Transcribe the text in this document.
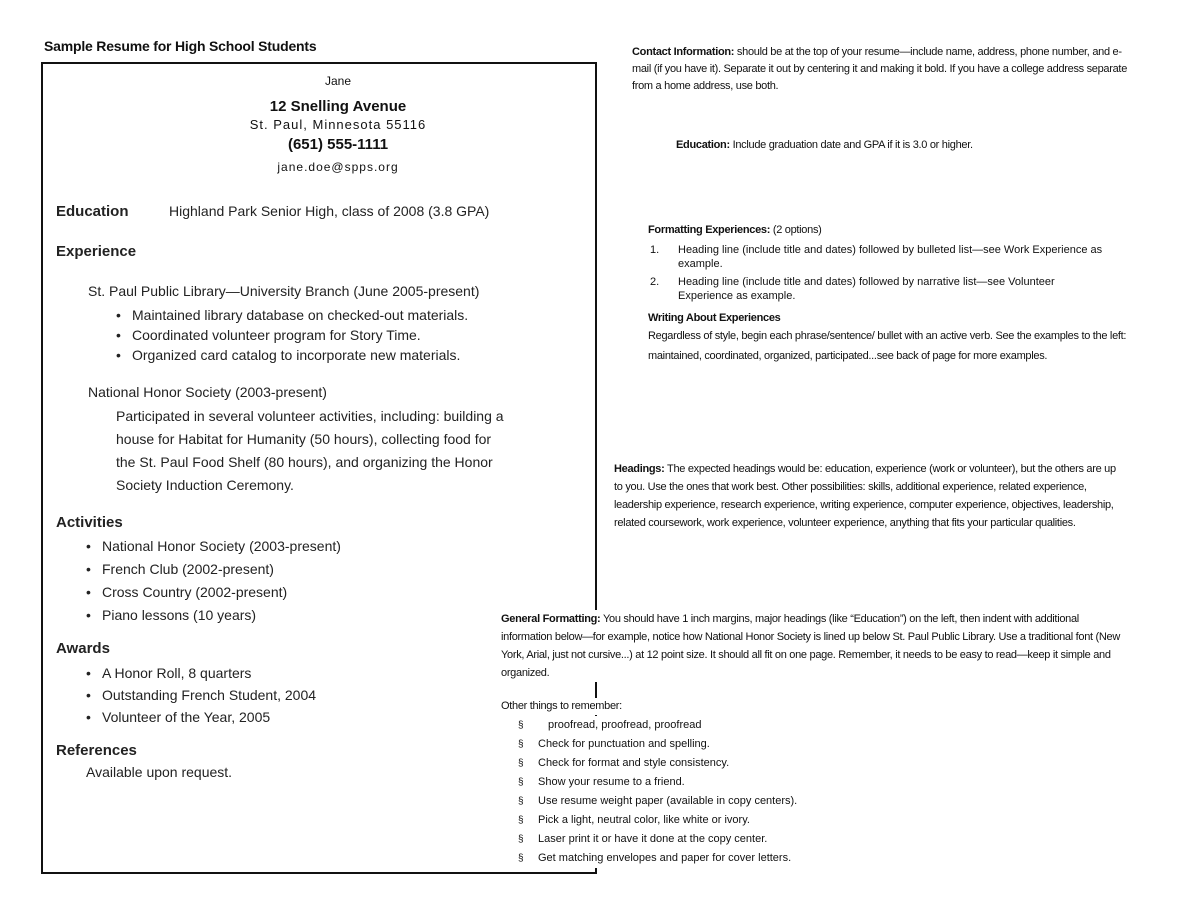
Sample Resume for High School Students
Jane
12 Snelling Avenue
St. Paul, Minnesota 55116
(651) 555-1111
jane.doe@spps.org
Education	Highland Park Senior High, class of 2008 (3.8 GPA)
Experience
St. Paul Public Library—University Branch (June 2005-present)
• Maintained library database on checked-out materials.
• Coordinated volunteer program for Story Time.
• Organized card catalog to incorporate new materials.
National Honor Society (2003-present)
Participated in several volunteer activities, including: building a
house for Habitat for Humanity (50 hours), collecting food for
the St. Paul Food Shelf (80 hours), and organizing the Honor
Society Induction Ceremony.
Activities
• National Honor Society (2003-present)
• French Club (2002-present)
• Cross Country (2002-present)
• Piano lessons (10 years)
Awards
• A Honor Roll, 8 quarters
• Outstanding French Student, 2004
• Volunteer of the Year, 2005
References
Available upon request.
Contact Information: should be at the top of your resume—include name, address, phone number, and e-mail (if you have it). Separate it out by centering it and making it bold. If you have a college address separate from a home address, use both.
Education: Include graduation date and GPA if it is 3.0 or higher.
Formatting Experiences: (2 options)
1. Heading line (include title and dates) followed by bulleted list—see Work Experience as example.
2. Heading line (include title and dates) followed by narrative list—see Volunteer Experience as example.
Writing About Experiences
Regardless of style, begin each phrase/sentence/ bullet with an active verb. See the examples to the left: maintained, coordinated, organized, participated...see back of page for more examples.
Headings: The expected headings would be: education, experience (work or volunteer), but the others are up to you. Use the ones that work best. Other possibilities: skills, additional experience, related experience, leadership experience, research experience, writing experience, computer experience, objectives, leadership, related coursework, work experience, volunteer experience, anything that fits your particular qualities.
General Formatting: You should have 1 inch margins, major headings (like “Education”) on the left, then indent with additional information below—for example, notice how National Honor Society is lined up below St. Paul Public Library. Use a traditional font (New York, Arial, just not cursive...) at 12 point size. It should all fit on one page. Remember, it needs to be easy to read—keep it simple and organized.
Other things to remember:
§ proofread, proofread, proofread
§ Check for punctuation and spelling.
§ Check for format and style consistency.
§ Show your resume to a friend.
§ Use resume weight paper (available in copy centers).
§ Pick a light, neutral color, like white or ivory.
§ Laser print it or have it done at the copy center.
§ Get matching envelopes and paper for cover letters.
